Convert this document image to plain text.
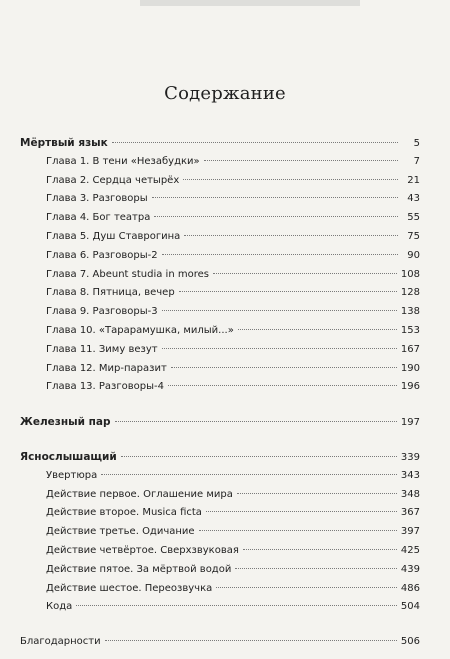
Содержание
Мёртвый язык	5
Глава 1. В тени «Незабудки»	7
Глава 2. Сердца четырёх	21
Глава 3. Разговоры	43
Глава 4. Бог театра	55
Глава 5. Душ Ставрогина	75
Глава 6. Разговоры-2	90
Глава 7. Abeunt studia in mores	108
Глава 8. Пятница, вечер	128
Глава 9. Разговоры-3	138
Глава 10. «Тарарамушка, милый...»	153
Глава 11. Зиму везут	167
Глава 12. Мир-паразит	190
Глава 13. Разговоры-4	196
Железный пар	197
Яснослышащий	339
Увертюра	343
Действие первое. Оглашение мира	348
Действие второе. Musica ficta	367
Действие третье. Одичание	397
Действие четвёртое. Сверхзвуковая	425
Действие пятое. За мёртвой водой	439
Действие шестое. Переозвучка	486
Кода	504
Благодарности	506
